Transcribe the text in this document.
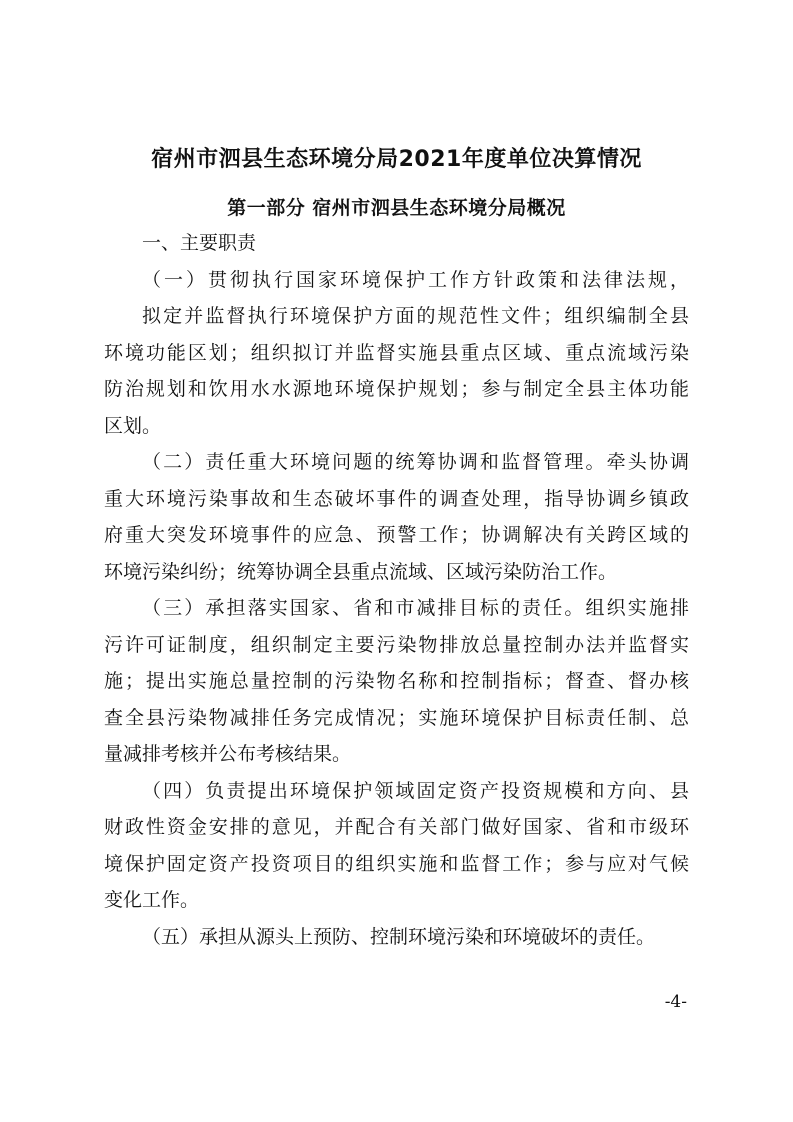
宿州市泗县生态环境分局2021年度单位决算情况
第一部分 宿州市泗县生态环境分局概况
一、主要职责
（一）贯彻执行国家环境保护工作方针政策和法律法规，
拟定并监督执行环境保护方面的规范性文件；组织编制全县
环境功能区划；组织拟订并监督实施县重点区域、重点流域污染
防治规划和饮用水水源地环境保护规划；参与制定全县主体功能
区划。
（二）责任重大环境问题的统筹协调和监督管理。牵头协调
重大环境污染事故和生态破坏事件的调查处理，指导协调乡镇政
府重大突发环境事件的应急、预警工作；协调解决有关跨区域的
环境污染纠纷；统筹协调全县重点流域、区域污染防治工作。
（三）承担落实国家、省和市减排目标的责任。组织实施排
污许可证制度，组织制定主要污染物排放总量控制办法并监督实
施；提出实施总量控制的污染物名称和控制指标；督查、督办核
查全县污染物减排任务完成情况；实施环境保护目标责任制、总
量减排考核并公布考核结果。
（四）负责提出环境保护领域固定资产投资规模和方向、县
财政性资金安排的意见，并配合有关部门做好国家、省和市级环
境保护固定资产投资项目的组织实施和监督工作；参与应对气候
变化工作。
（五）承担从源头上预防、控制环境污染和环境破坏的责任。
-4-
